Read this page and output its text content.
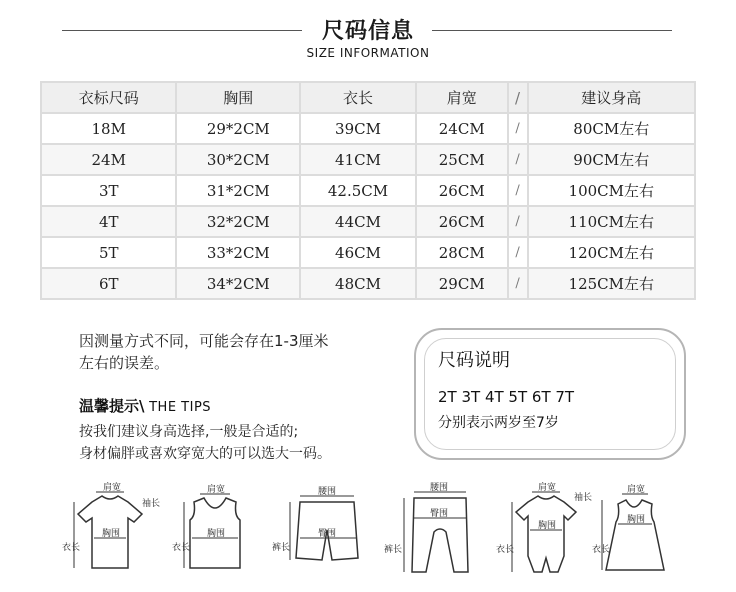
尺码信息
SIZE INFORMATION
衣标尺码	胸围	衣长	肩宽	/	建议身高
18M	29*2CM	39CM	24CM	/	80CM左右
24M	30*2CM	41CM	25CM	/	90CM左右
3T	31*2CM	42.5CM	26CM	/	100CM左右
4T	32*2CM	44CM	26CM	/	110CM左右
5T	33*2CM	46CM	28CM	/	120CM左右
6T	34*2CM	48CM	29CM	/	125CM左右
因测量方式不同，可能会存在1-3厘米
左右的误差。
温馨提示\ THE TIPS
按我们建议身高选择,一般是合适的;
身材偏胖或喜欢穿宽大的可以选大一码。
尺码说明
2T 3T 4T 5T 6T 7T
分别表示两岁至7岁
肩宽
胸围
衣长
袖长
肩宽
胸围
衣长
腰围
臀围
裤长
腰围
臀围
裤长
肩宽
胸围
衣长
袖长
肩宽
胸围
衣长
